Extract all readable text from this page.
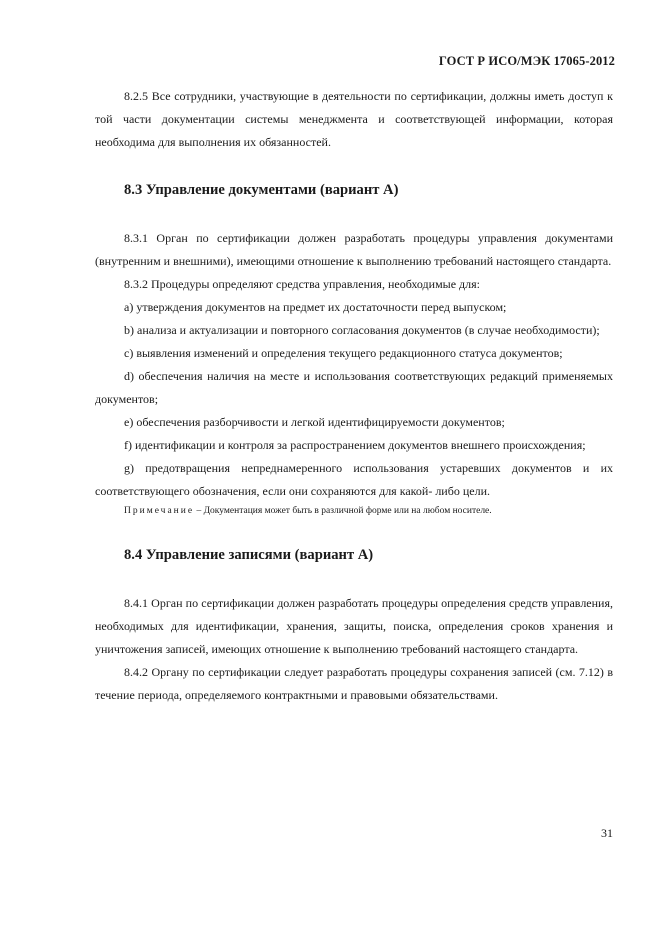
ГОСТ Р ИСО/МЭК 17065-2012

8.2.5 Все сотрудники, участвующие в деятельности по сертификации, должны иметь доступ к той части документации системы менеджмента и соответствующей информации, которая необходима для выполнения их обязанностей.

8.3 Управление документами (вариант А)

8.3.1 Орган по сертификации должен разработать процедуры управления документами (внутренним и внешними), имеющими отношение к выполнению требований настоящего стандарта.

8.3.2 Процедуры определяют средства управления, необходимые для:

a) утверждения документов на предмет их достаточности перед выпуском;

b) анализа и актуализации и повторного согласования документов (в случае необходимости);

c) выявления изменений и определения текущего редакционного статуса документов;

d) обеспечения наличия на месте и использования соответствующих редакций применяемых документов;

e) обеспечения разборчивости и легкой идентифицируемости документов;

f) идентификации и контроля за распространением документов внешнего происхождения;

g) предотвращения непреднамеренного использования устаревших документов и их соответствующего обозначения, если они сохраняются для какой- либо цели.

Примечание – Документация может быть в различной форме или на любом носителе.

8.4 Управление записями (вариант А)

8.4.1 Орган по сертификации должен разработать процедуры определения средств управления, необходимых для идентификации, хранения, защиты, поиска, определения сроков хранения и уничтожения записей, имеющих отношение к выполнению требований настоящего стандарта.

8.4.2 Органу по сертификации следует разработать процедуры сохранения записей (см. 7.12) в течение периода, определяемого контрактными и правовыми обязательствами.

31
